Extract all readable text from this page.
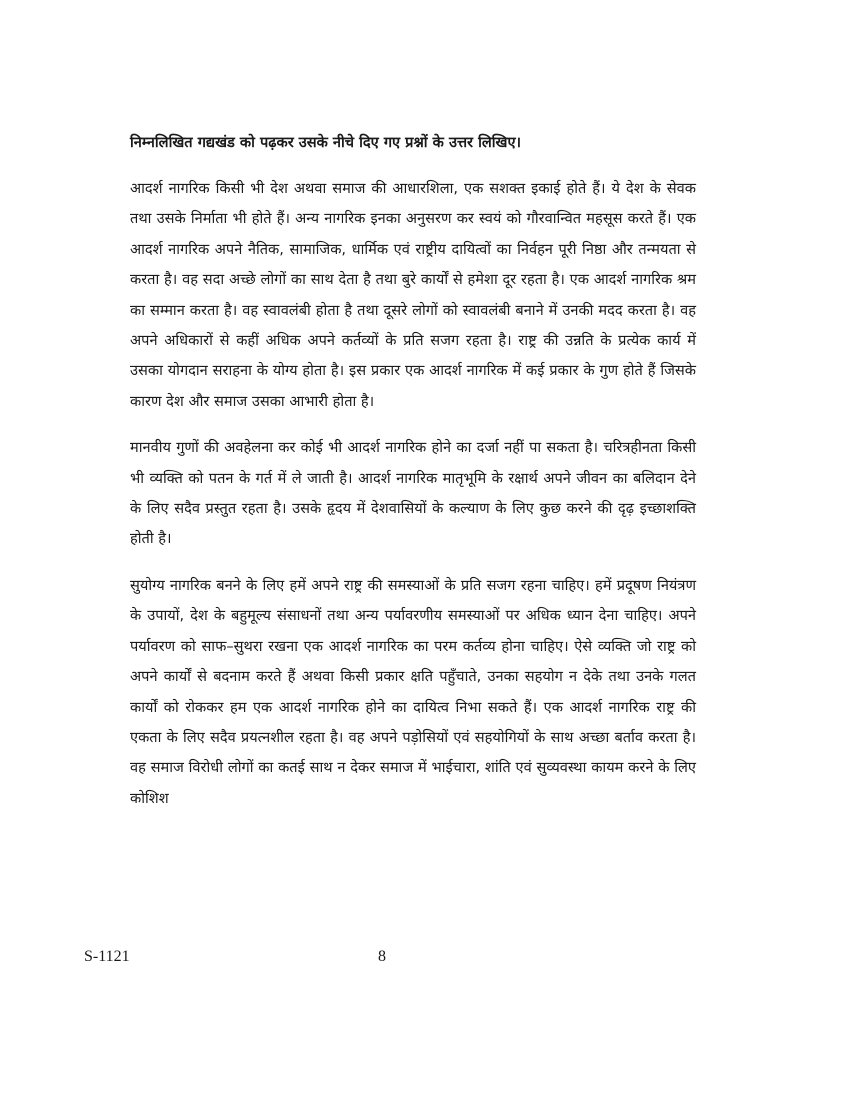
निम्नलिखित गद्यखंड को पढ़कर उसके नीचे दिए गए प्रश्नों के उत्तर लिखिए।

आदर्श नागरिक किसी भी देश अथवा समाज की आधारशिला, एक सशक्त इकाई होते हैं। ये देश के सेवक तथा उसके निर्माता भी होते हैं। अन्य नागरिक इनका अनुसरण कर स्वयं को गौरवान्वित महसूस करते हैं। एक आदर्श नागरिक अपने नैतिक, सामाजिक, धार्मिक एवं राष्ट्रीय दायित्वों का निर्वहन पूरी निष्ठा और तन्मयता से करता है। वह सदा अच्छे लोगों का साथ देता है तथा बुरे कार्यों से हमेशा दूर रहता है। एक आदर्श नागरिक श्रम का सम्मान करता है। वह स्वावलंबी होता है तथा दूसरे लोगों को स्वावलंबी बनाने में उनकी मदद करता है। वह अपने अधिकारों से कहीं अधिक अपने कर्तव्यों के प्रति सजग रहता है। राष्ट्र की उन्नति के प्रत्येक कार्य में उसका योगदान सराहना के योग्य होता है। इस प्रकार एक आदर्श नागरिक में कई प्रकार के गुण होते हैं जिसके कारण देश और समाज उसका आभारी होता है।

मानवीय गुणों की अवहेलना कर कोई भी आदर्श नागरिक होने का दर्जा नहीं पा सकता है। चरित्रहीनता किसी भी व्यक्ति को पतन के गर्त में ले जाती है। आदर्श नागरिक मातृभूमि के रक्षार्थ अपने जीवन का बलिदान देने के लिए सदैव प्रस्तुत रहता है। उसके हृदय में देशवासियों के कल्याण के लिए कुछ करने की दृढ़ इच्छाशक्ति होती है।

सुयोग्य नागरिक बनने के लिए हमें अपने राष्ट्र की समस्याओं के प्रति सजग रहना चाहिए। हमें प्रदूषण नियंत्रण के उपायों, देश के बहुमूल्य संसाधनों तथा अन्य पर्यावरणीय समस्याओं पर अधिक ध्यान देना चाहिए। अपने पर्यावरण को साफ–सुथरा रखना एक आदर्श नागरिक का परम कर्तव्य होना चाहिए। ऐसे व्यक्ति जो राष्ट्र को अपने कार्यों से बदनाम करते हैं अथवा किसी प्रकार क्षति पहुँचाते, उनका सहयोग न देके तथा उनके गलत कार्यों को रोककर हम एक आदर्श नागरिक होने का दायित्व निभा सकते हैं। एक आदर्श नागरिक राष्ट्र की एकता के लिए सदैव प्रयत्नशील रहता है। वह अपने पड़ोसियों एवं सहयोगियों के साथ अच्छा बर्ताव करता है। वह समाज विरोधी लोगों का कतई साथ न देकर समाज में भाईचारा, शांति एवं सुव्यवस्था कायम करने के लिए कोशिश

S-1121	8
